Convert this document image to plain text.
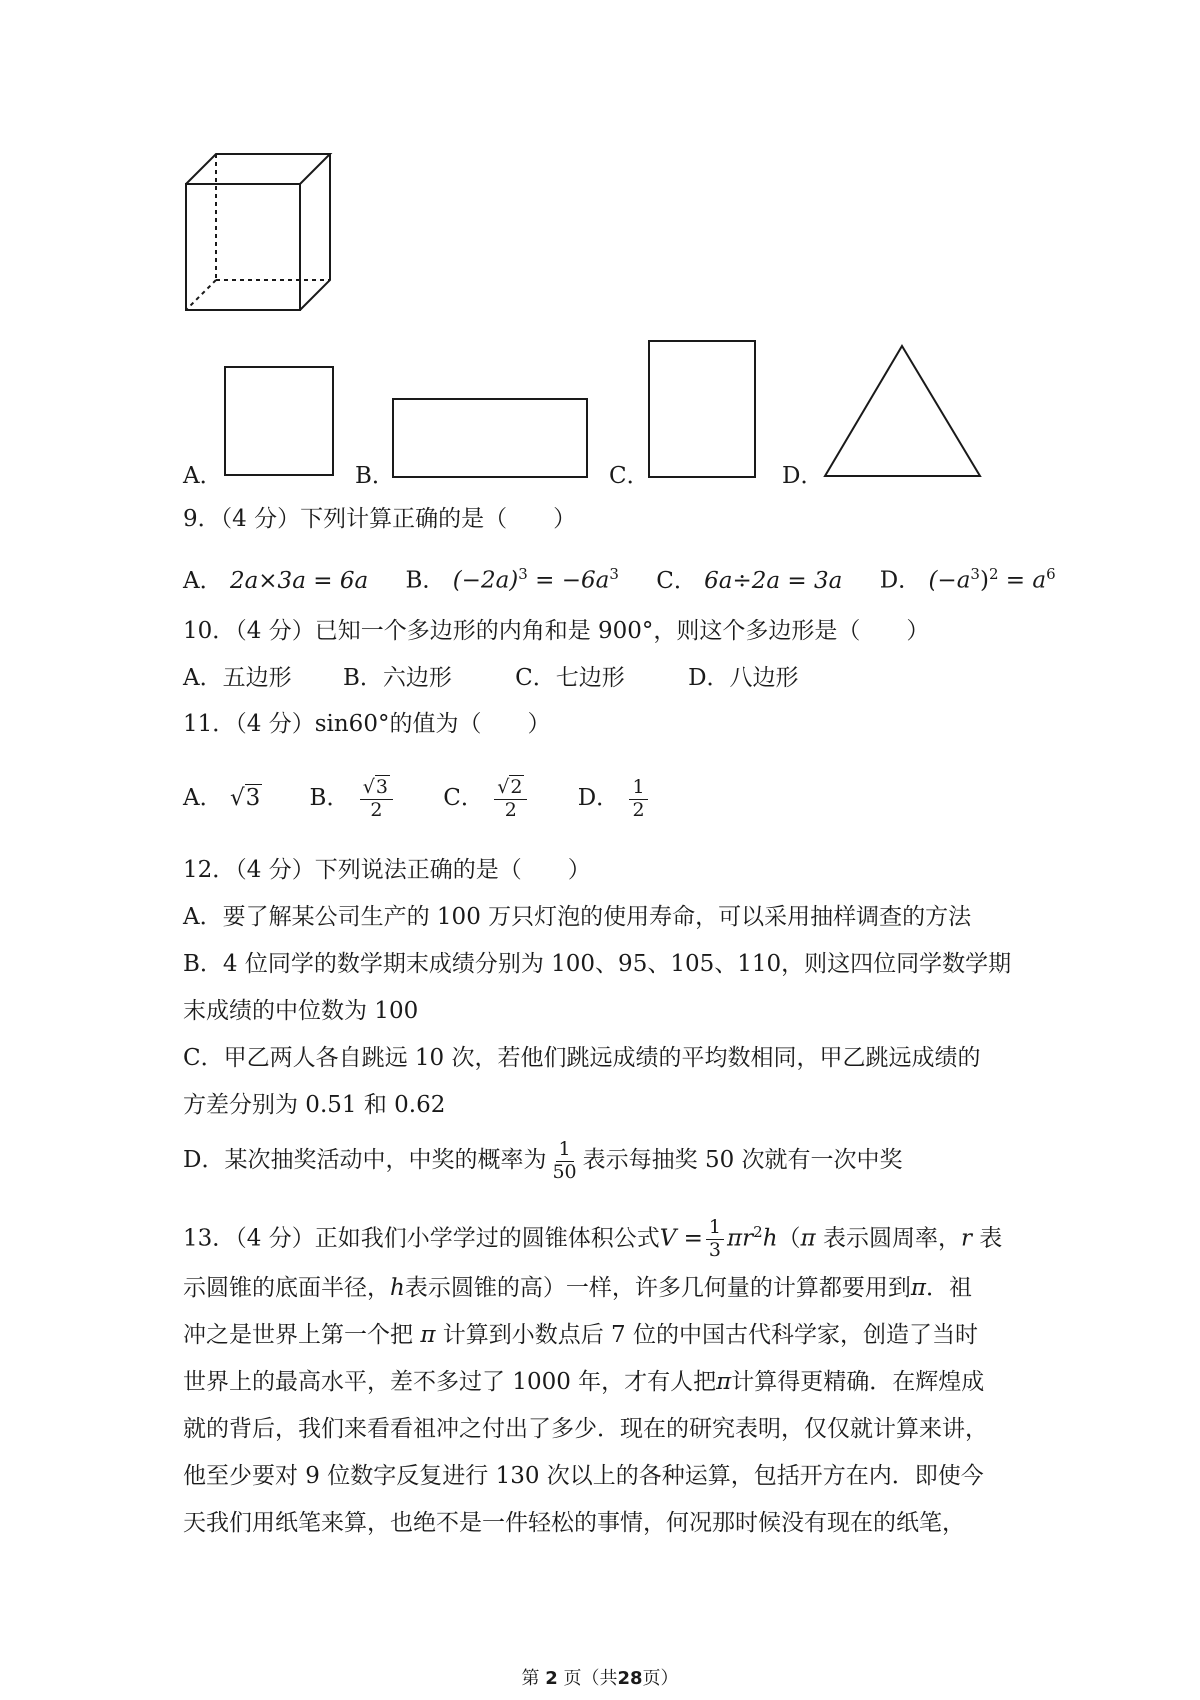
A．	B．	C．	D．
9．（4 分）下列计算正确的是（　　）
A． 2a×3a = 6a B． $(-2a)^3 = -6a^3$ C． 6a÷2a = 3a D． $(-a^3)^2 = a^6$
10．（4 分）已知一个多边形的内角和是 900°，则这个多边形是（　　）
A．五边形 B．六边形	C．七边形	D．八边形
11．（4 分）sin60°的值为（　　）
A． √3 B． $\frac{√3}{2}$ C． $\frac{√2}{2}$ D． $\frac{1}{2}$
12．（4 分）下列说法正确的是（　　）
A．要了解某公司生产的 100 万只灯泡的使用寿命，可以采用抽样调查的方法
B．4 位同学的数学期末成绩分别为 100、95、105、110，则这四位同学数学期
末成绩的中位数为 100
C．甲乙两人各自跳远 10 次，若他们跳远成绩的平均数相同，甲乙跳远成绩的
方差分别为 0.51 和 0.62
D．某次抽奖活动中，中奖的概率为 $\frac{1}{50}$ 表示每抽奖 50 次就有一次中奖
13．（4 分）正如我们小学学过的圆锥体积公式$V = \frac{1}{3} \pi r^2h(\pi$ 表示圆周率，r 表
示圆锥的底面半径，h表示圆锥的高）一样，许多几何量的计算都要用到π．祖
冲之是世界上第一个把 π 计算到小数点后 7 位的中国古代科学家，创造了当时
世界上的最高水平，差不多过了 1000 年，才有人把π计算得更精确．在辉煌成
就的背后，我们来看看祖冲之付出了多少．现在的研究表明，仅仅就计算来讲，
他至少要对 9 位数字反复进行 130 次以上的各种运算，包括开方在内．即使今
天我们用纸笔来算，也绝不是一件轻松的事情，何况那时候没有现在的纸笔，
第 2 页（共28页）
